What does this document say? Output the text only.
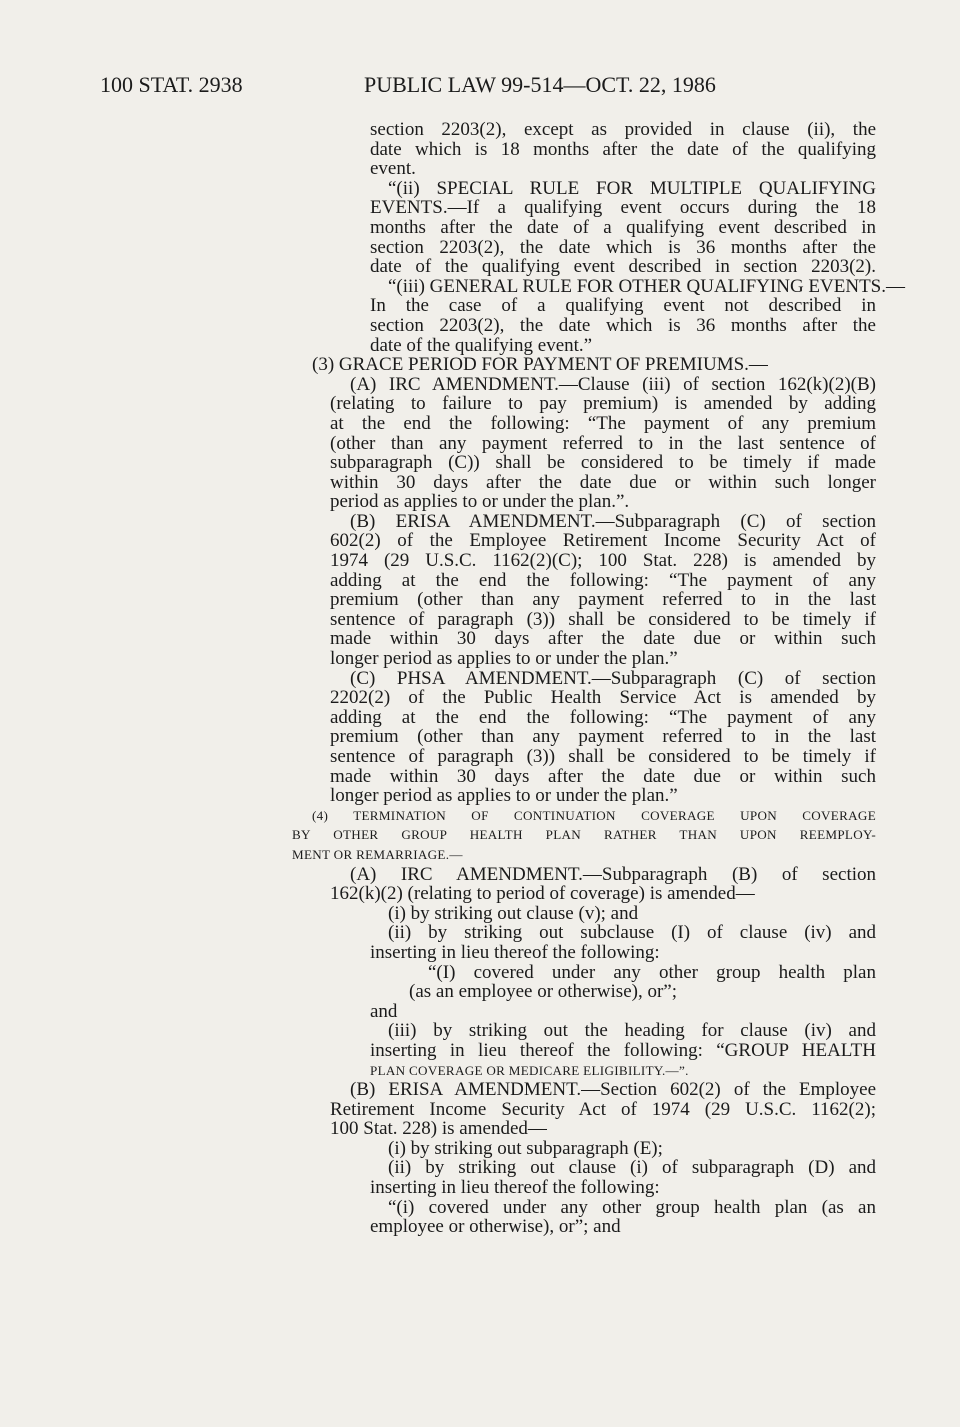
100 STAT. 2938	PUBLIC LAW 99-514—OCT. 22, 1986
section 2203(2), except as provided in clause (ii), the
date which is 18 months after the date of the qualifying
event.
“(ii) SPECIAL RULE FOR MULTIPLE QUALIFYING
EVENTS.—If a qualifying event occurs during the 18
months after the date of a qualifying event described in
section 2203(2), the date which is 36 months after the
date of the qualifying event described in section 2203(2).
“(iii) GENERAL RULE FOR OTHER QUALIFYING EVENTS.—
In the case of a qualifying event not described in
section 2203(2), the date which is 36 months after the
date of the qualifying event.”
(3) GRACE PERIOD FOR PAYMENT OF PREMIUMS.—
(A) IRC AMENDMENT.—Clause (iii) of section 162(k)(2)(B)
(relating to failure to pay premium) is amended by adding
at the end the following: “The payment of any premium
(other than any payment referred to in the last sentence of
subparagraph (C)) shall be considered to be timely if made
within 30 days after the date due or within such longer
period as applies to or under the plan.”.
(B) ERISA AMENDMENT.—Subparagraph (C) of section
602(2) of the Employee Retirement Income Security Act of
1974 (29 U.S.C. 1162(2)(C); 100 Stat. 228) is amended by
adding at the end the following: “The payment of any
premium (other than any payment referred to in the last
sentence of paragraph (3)) shall be considered to be timely if
made within 30 days after the date due or within such
longer period as applies to or under the plan.”
(C) PHSA AMENDMENT.—Subparagraph (C) of section
2202(2) of the Public Health Service Act is amended by
adding at the end the following: “The payment of any
premium (other than any payment referred to in the last
sentence of paragraph (3)) shall be considered to be timely if
made within 30 days after the date due or within such
longer period as applies to or under the plan.”
(4) TERMINATION OF CONTINUATION COVERAGE UPON COVERAGE
BY OTHER GROUP HEALTH PLAN RATHER THAN UPON REEMPLOY-
MENT OR REMARRIAGE.—
(A) IRC AMENDMENT.—Subparagraph (B) of section
162(k)(2) (relating to period of coverage) is amended—
(i) by striking out clause (v); and
(ii) by striking out subclause (I) of clause (iv) and
inserting in lieu thereof the following:
“(I) covered under any other group health plan
(as an employee or otherwise), or”;
and
(iii) by striking out the heading for clause (iv) and
inserting in lieu thereof the following: “GROUP HEALTH
PLAN COVERAGE OR MEDICARE ELIGIBILITY.—”.
(B) ERISA AMENDMENT.—Section 602(2) of the Employee
Retirement Income Security Act of 1974 (29 U.S.C. 1162(2);
100 Stat. 228) is amended—
(i) by striking out subparagraph (E);
(ii) by striking out clause (i) of subparagraph (D) and
inserting in lieu thereof the following:
“(i) covered under any other group health plan (as an
employee or otherwise), or”; and
